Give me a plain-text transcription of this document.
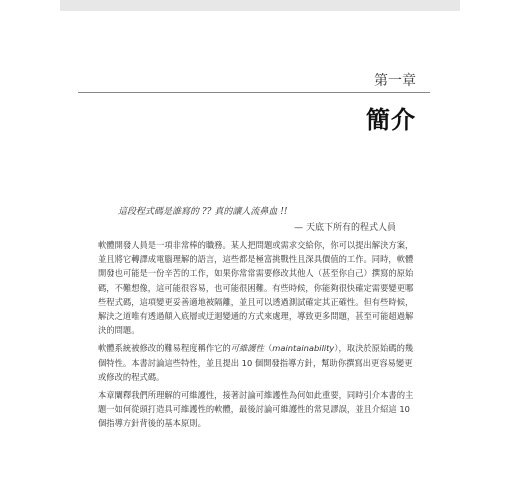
第一章
簡介
這段程式碼是誰寫的 ?? 真的讓人流鼻血 !!
— 天底下所有的程式人員

軟體開發人員是一項非常棒的職務。某人把問題或需求交給你，你可以提出解決方案，並且將它轉譯成電腦理解的語言，這些都是極富挑戰性且深具價值的工作。同時，軟體開發也可能是一份辛苦的工作，如果你常常需要修改其他人（甚至你自己）撰寫的原始碼，不難想像，這可能很容易，也可能很困難。有些時候，你能夠很快確定需要變更哪些程式碼，這項變更妥善適地被隔離，並且可以透過測試確定其正確性。但有些時候，解決之道唯有透過顛入底層或迂迴變通的方式來處理，導致更多問題，甚至可能超過解決的問題。

軟體系統被修改的難易程度稱作它的可維護性（maintainability），取決於原始碼的幾個特性。本書討論這些特性，並且提出 10 個開發指導方針，幫助你撰寫出更容易變更或修改的程式碼。

本章闡釋我們所理解的可維護性，接著討論可維護性為何如此重要，同時引介本書的主題一如何從頭打造具可維護性的軟體，最後討論可維護性的常見謬誤，並且介紹這 10 個指導方針背後的基本原則。
